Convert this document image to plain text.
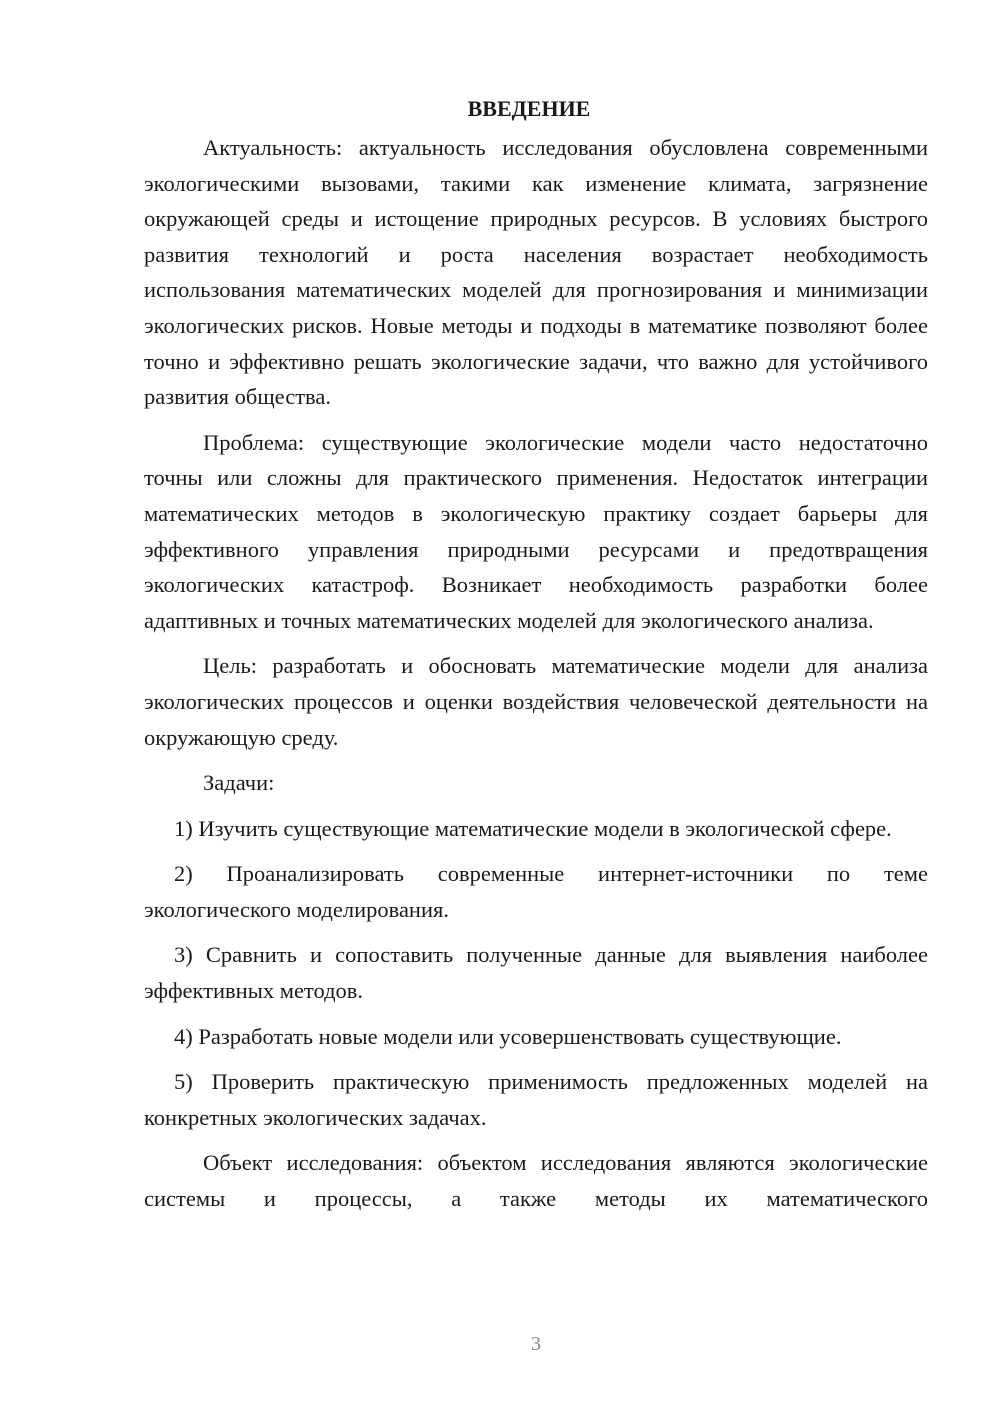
ВВЕДЕНИЕ

Актуальность: актуальность исследования обусловлена современными экологическими вызовами, такими как изменение климата, загрязнение окружающей среды и истощение природных ресурсов. В условиях быстрого развития технологий и роста населения возрастает необходимость использования математических моделей для прогнозирования и минимизации экологических рисков. Новые методы и подходы в математике позволяют более точно и эффективно решать экологические задачи, что важно для устойчивого развития общества.

Проблема: существующие экологические модели часто недостаточно точны или сложны для практического применения. Недостаток интеграции математических методов в экологическую практику создает барьеры для эффективного управления природными ресурсами и предотвращения экологических катастроф. Возникает необходимость разработки более адаптивных и точных математических моделей для экологического анализа.

Цель: разработать и обосновать математические модели для анализа экологических процессов и оценки воздействия человеческой деятельности на окружающую среду.

Задачи:

1) Изучить существующие математические модели в экологической сфере.

2) Проанализировать современные интернет-источники по теме экологического моделирования.

3) Сравнить и сопоставить полученные данные для выявления наиболее эффективных методов.

4) Разработать новые модели или усовершенствовать существующие.

5) Проверить практическую применимость предложенных моделей на конкретных экологических задачах.

Объект исследования: объектом исследования являются экологические системы и процессы, а также методы их математического

3
